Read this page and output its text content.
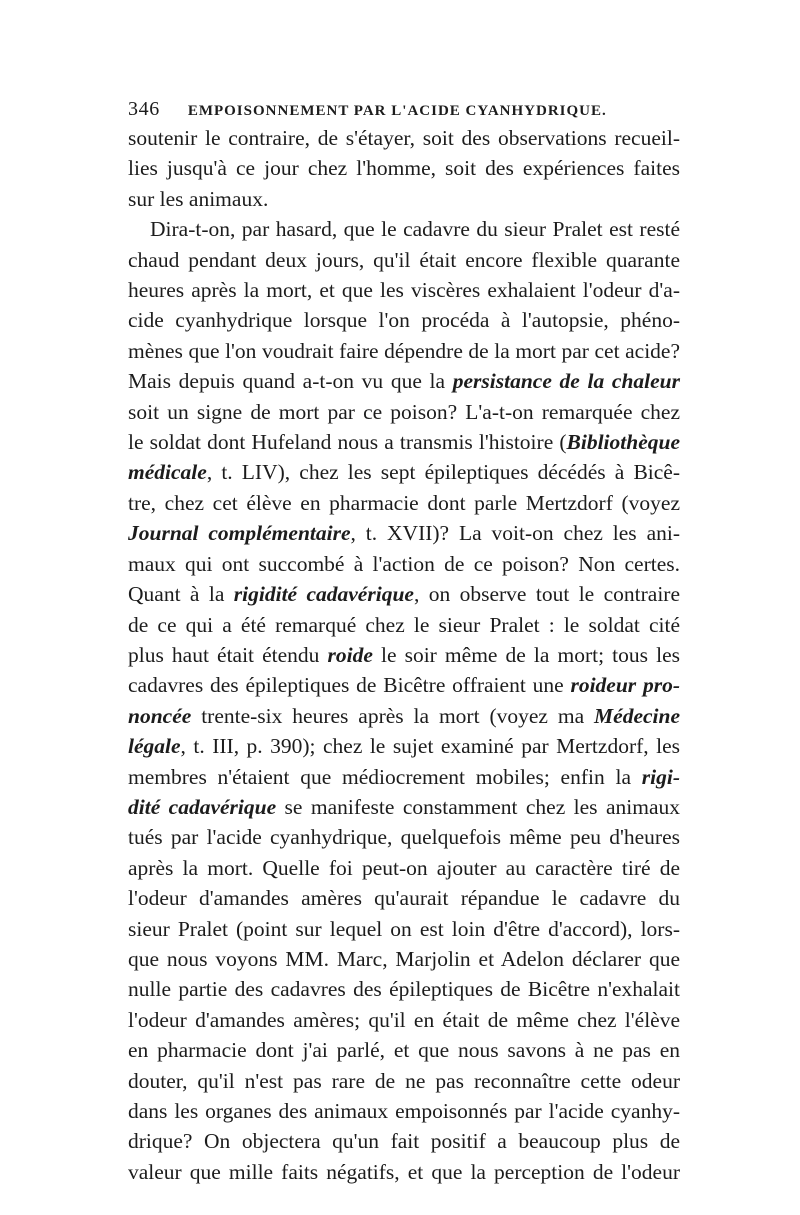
346 EMPOISONNEMENT PAR L'ACIDE CYANHYDRIQUE.
soutenir le contraire, de s'étayer, soit des observations recueil-
lies jusqu'à ce jour chez l'homme, soit des expériences faites
sur les animaux.
Dira-t-on, par hasard, que le cadavre du sieur Pralet est resté
chaud pendant deux jours, qu'il était encore flexible quarante
heures après la mort, et que les viscères exhalaient l'odeur d'a-
cide cyanhydrique lorsque l'on procéda à l'autopsie, phéno-
mènes que l'on voudrait faire dépendre de la mort par cet acide?
Mais depuis quand a-t-on vu que la persistance de la chaleur
soit un signe de mort par ce poison? L'a-t-on remarquée chez
le soldat dont Hufeland nous a transmis l'histoire (Bibliothèque
médicale, t. LIV), chez les sept épileptiques décédés à Bicê-
tre, chez cet élève en pharmacie dont parle Mertzdorf (voyez
Journal complémentaire, t. XVII)? La voit-on chez les ani-
maux qui ont succombé à l'action de ce poison? Non certes.
Quant à la rigidité cadavérique, on observe tout le contraire
de ce qui a été remarqué chez le sieur Pralet : le soldat cité
plus haut était étendu roide le soir même de la mort; tous les
cadavres des épileptiques de Bicêtre offraient une roideur pro-
noncée trente-six heures après la mort (voyez ma Médecine
légale, t. III, p. 390); chez le sujet examiné par Mertzdorf, les
membres n'étaient que médiocrement mobiles; enfin la rigi-
dité cadavérique se manifeste constamment chez les animaux
tués par l'acide cyanhydrique, quelquefois même peu d'heures
après la mort. Quelle foi peut-on ajouter au caractère tiré de
l'odeur d'amandes amères qu'aurait répandue le cadavre du
sieur Pralet (point sur lequel on est loin d'être d'accord), lors-
que nous voyons MM. Marc, Marjolin et Adelon déclarer que
nulle partie des cadavres des épileptiques de Bicêtre n'exhalait
l'odeur d'amandes amères; qu'il en était de même chez l'élève
en pharmacie dont j'ai parlé, et que nous savons à ne pas en
douter, qu'il n'est pas rare de ne pas reconnaître cette odeur
dans les organes des animaux empoisonnés par l'acide cyanhy-
drique? On objectera qu'un fait positif a beaucoup plus de
valeur que mille faits négatifs, et que la perception de l'odeur
